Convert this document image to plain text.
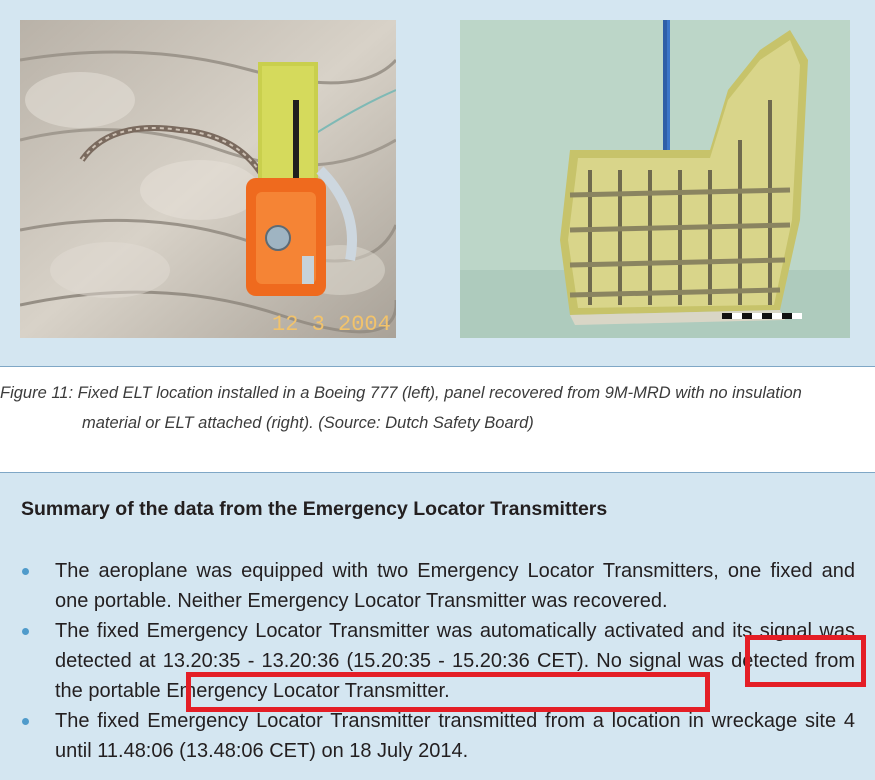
12 3 2004
Figure 11: Fixed ELT location installed in a Boeing 777 (left), panel recovered from 9M-MRD with no insulation
material or ELT attached (right). (Source: Dutch Safety Board)
Summary of the data from the Emergency Locator Transmitters
The aeroplane was equipped with two Emergency Locator Transmitters, one fixed and one portable. Neither Emergency Locator Transmitter was recovered.
The fixed Emergency Locator Transmitter was automatically activated and its signal was detected at 13.20:35 - 13.20:36 (15.20:35 - 15.20:36 CET). No signal was detected from the portable Emergency Locator Transmitter.
The fixed Emergency Locator Transmitter transmitted from a location in wreckage site 4 until 11.48:06 (13.48:06 CET) on 18 July 2014.
